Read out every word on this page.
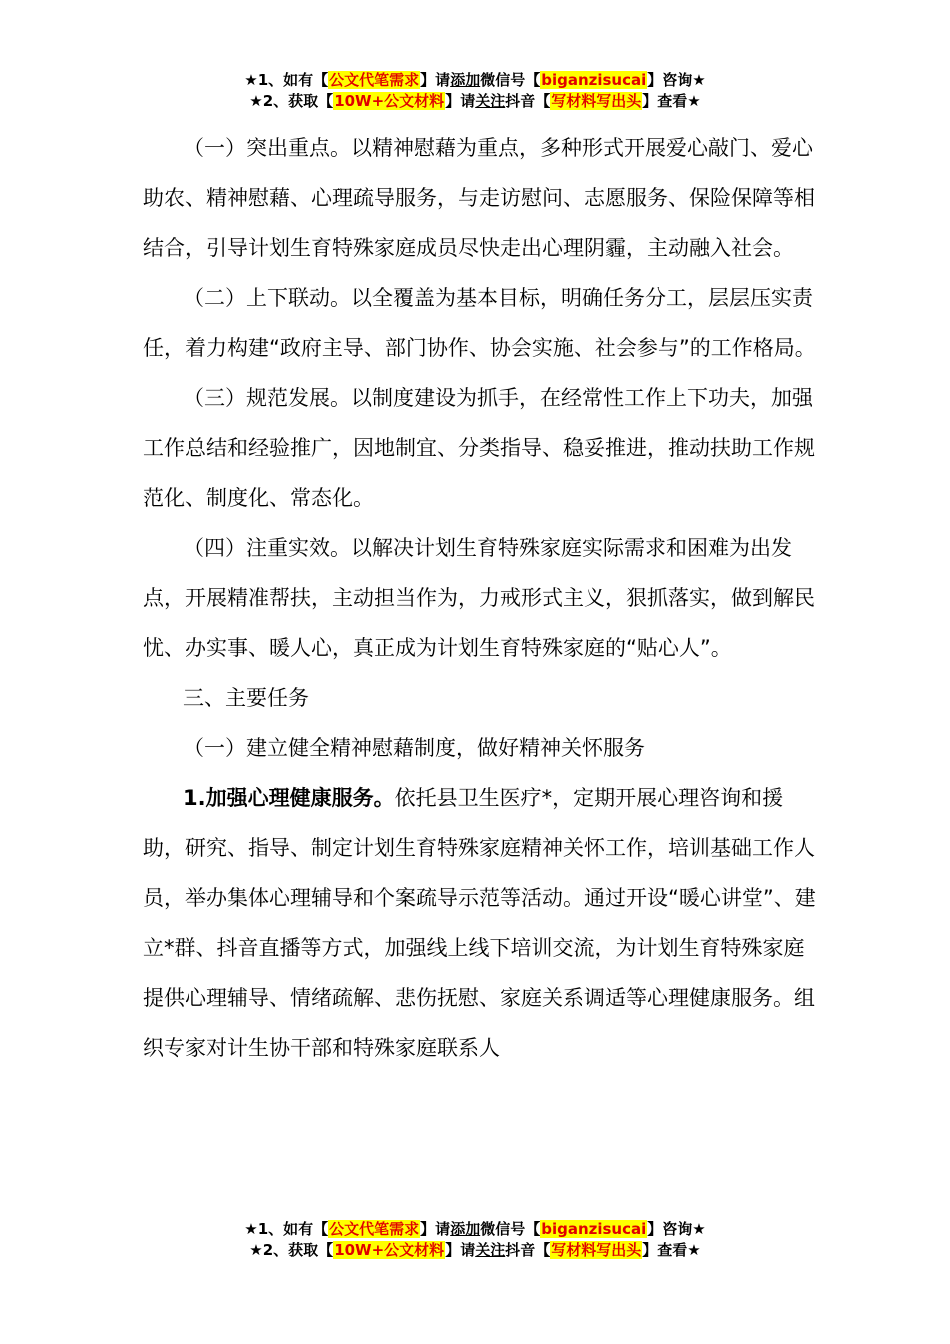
★1、如有【公文代笔需求】请添加微信号【biganzisucai】咨询★
★2、获取【10W+公文材料】请关注抖音【写材料写出头】查看★

（一）突出重点。以精神慰藉为重点，多种形式开展爱心敲门、爱心助农、精神慰藉、心理疏导服务，与走访慰问、志愿服务、保险保障等相结合，引导计划生育特殊家庭成员尽快走出心理阴霾，主动融入社会。

（二）上下联动。以全覆盖为基本目标，明确任务分工，层层压实责任，着力构建“政府主导、部门协作、协会实施、社会参与”的工作格局。

（三）规范发展。以制度建设为抓手，在经常性工作上下功夫，加强工作总结和经验推广，因地制宜、分类指导、稳妥推进，推动扶助工作规范化、制度化、常态化。

（四）注重实效。以解决计划生育特殊家庭实际需求和困难为出发点，开展精准帮扶，主动担当作为，力戒形式主义，狠抓落实，做到解民忧、办实事、暖人心，真正成为计划生育特殊家庭的“贴心人”。

三、主要任务

（一）建立健全精神慰藉制度，做好精神关怀服务

1.加强心理健康服务。依托县卫生医疗*，定期开展心理咨询和援助，研究、指导、制定计划生育特殊家庭精神关怀工作，培训基础工作人员，举办集体心理辅导和个案疏导示范等活动。通过开设“暖心讲堂”、建立*群、抖音直播等方式，加强线上线下培训交流，为计划生育特殊家庭提供心理辅导、情绪疏解、悲伤抚慰、家庭关系调适等心理健康服务。组织专家对计生协干部和特殊家庭联系人

★1、如有【公文代笔需求】请添加微信号【biganzisucai】咨询★
★2、获取【10W+公文材料】请关注抖音【写材料写出头】查看★
